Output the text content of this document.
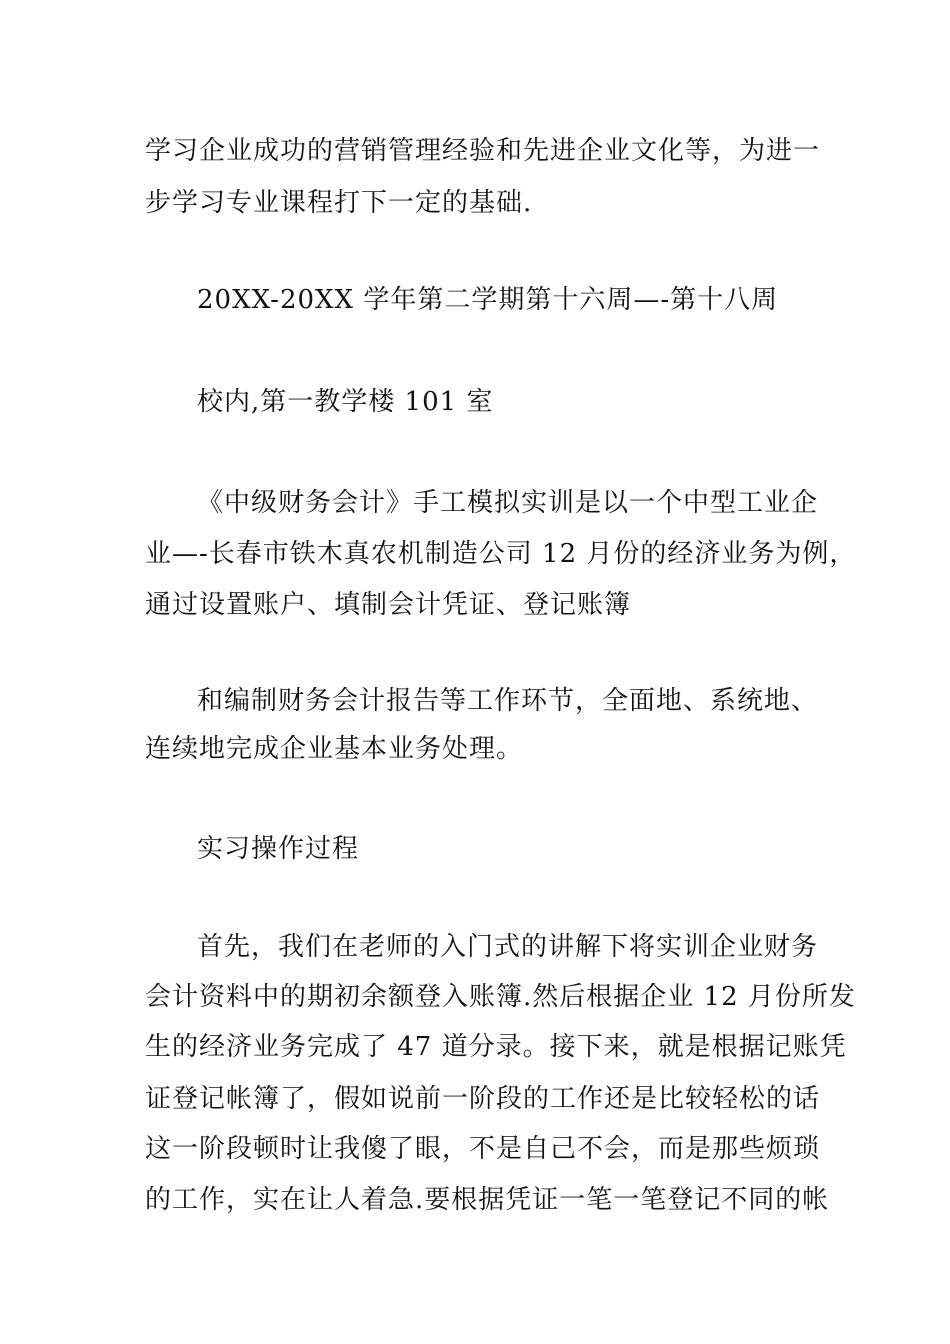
学习企业成功的营销管理经验和先进企业文化等，为进一

步学习专业课程打下一定的基础.

20XX-20XX 学年第二学期第十六周—-第十八周

校内,第一教学楼 101 室

《中级财务会计》手工模拟实训是以一个中型工业企

业—-长春市铁木真农机制造公司 12 月份的经济业务为例，

通过设置账户、填制会计凭证、登记账簿

和编制财务会计报告等工作环节，全面地、系统地、

连续地完成企业基本业务处理。

实习操作过程

首先，我们在老师的入门式的讲解下将实训企业财务

会计资料中的期初余额登入账簿.然后根据企业 12 月份所发

生的经济业务完成了 47 道分录。接下来，就是根据记账凭

证登记帐簿了，假如说前一阶段的工作还是比较轻松的话

这一阶段顿时让我傻了眼，不是自己不会，而是那些烦琐

的工作，实在让人着急.要根据凭证一笔一笔登记不同的帐
